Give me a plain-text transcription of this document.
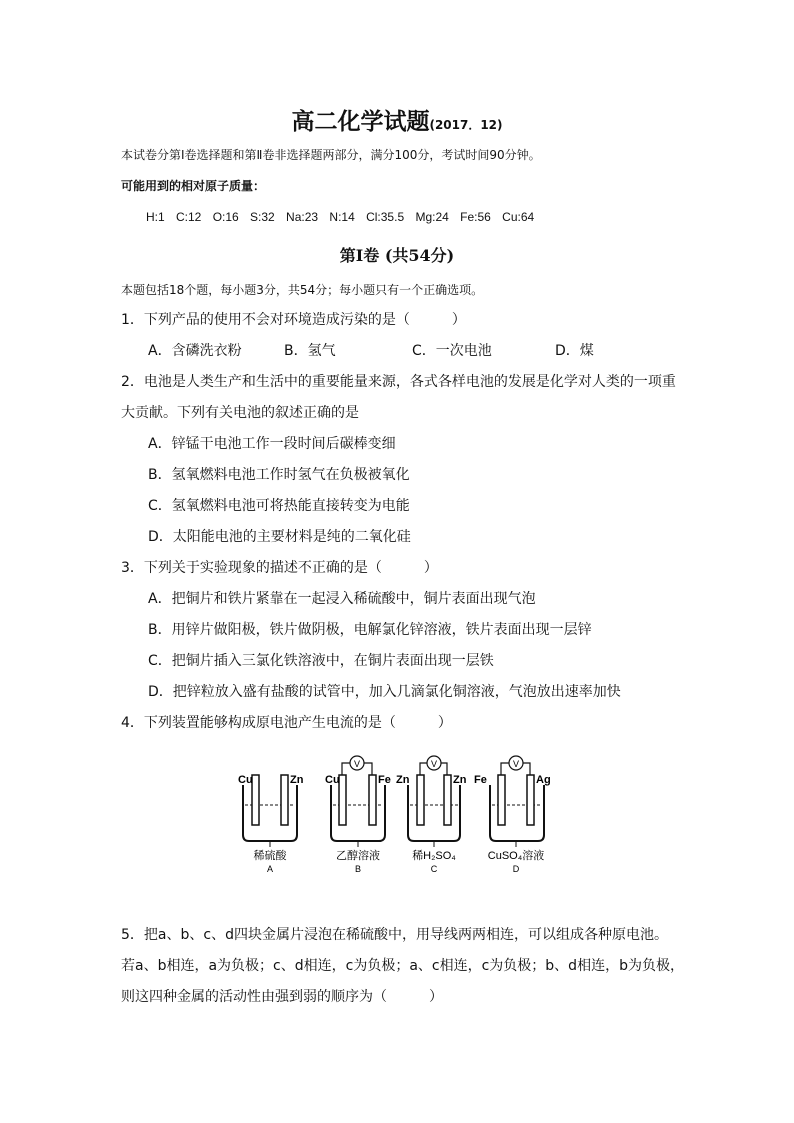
高二化学试题(2017．12)
本试卷分第Ⅰ卷选择题和第Ⅱ卷非选择题两部分，满分100分，考试时间90分钟。
可能用到的相对原子质量：
H:1 C:12 O:16 S:32 Na:23 N:14 Cl:35.5 Mg:24 Fe:56 Cu:64
第Ⅰ卷 (共54分)
本题包括18个题，每小题3分，共54分；每小题只有一个正确选项。
1．下列产品的使用不会对环境造成污染的是（　　　）
A．含磷洗衣粉	B．氢气	C．一次电池	D．煤
2．电池是人类生产和生活中的重要能量来源，各式各样电池的发展是化学对人类的一项重
大贡献。下列有关电池的叙述正确的是
A．锌锰干电池工作一段时间后碳棒变细
B．氢氧燃料电池工作时氢气在负极被氧化
C．氢氧燃料电池可将热能直接转变为电能
D．太阳能电池的主要材料是纯的二氧化硅
3．下列关于实验现象的描述不正确的是（　　　）
A．把铜片和铁片紧靠在一起浸入稀硫酸中，铜片表面出现气泡
B．用锌片做阳极，铁片做阴极，电解氯化锌溶液，铁片表面出现一层锌
C．把铜片插入三氯化铁溶液中，在铜片表面出现一层铁
D．把锌粒放入盛有盐酸的试管中，加入几滴氯化铜溶液，气泡放出速率加快
4．下列装置能够构成原电池产生电流的是（　　　）
Cu	Zn
稀硫酸
A
V
Cu	Fe
乙醇溶液
B
V
Zn	Zn
稀H₂SO₄
C
V
Fe	Ag
CuSO₄溶液
D
5．把a、b、c、d四块金属片浸泡在稀硫酸中，用导线两两相连，可以组成各种原电池。
若a、b相连，a为负极；c、d相连，c为负极；a、c相连，c为负极；b、d相连，b为负极，
则这四种金属的活动性由强到弱的顺序为（　　　）
